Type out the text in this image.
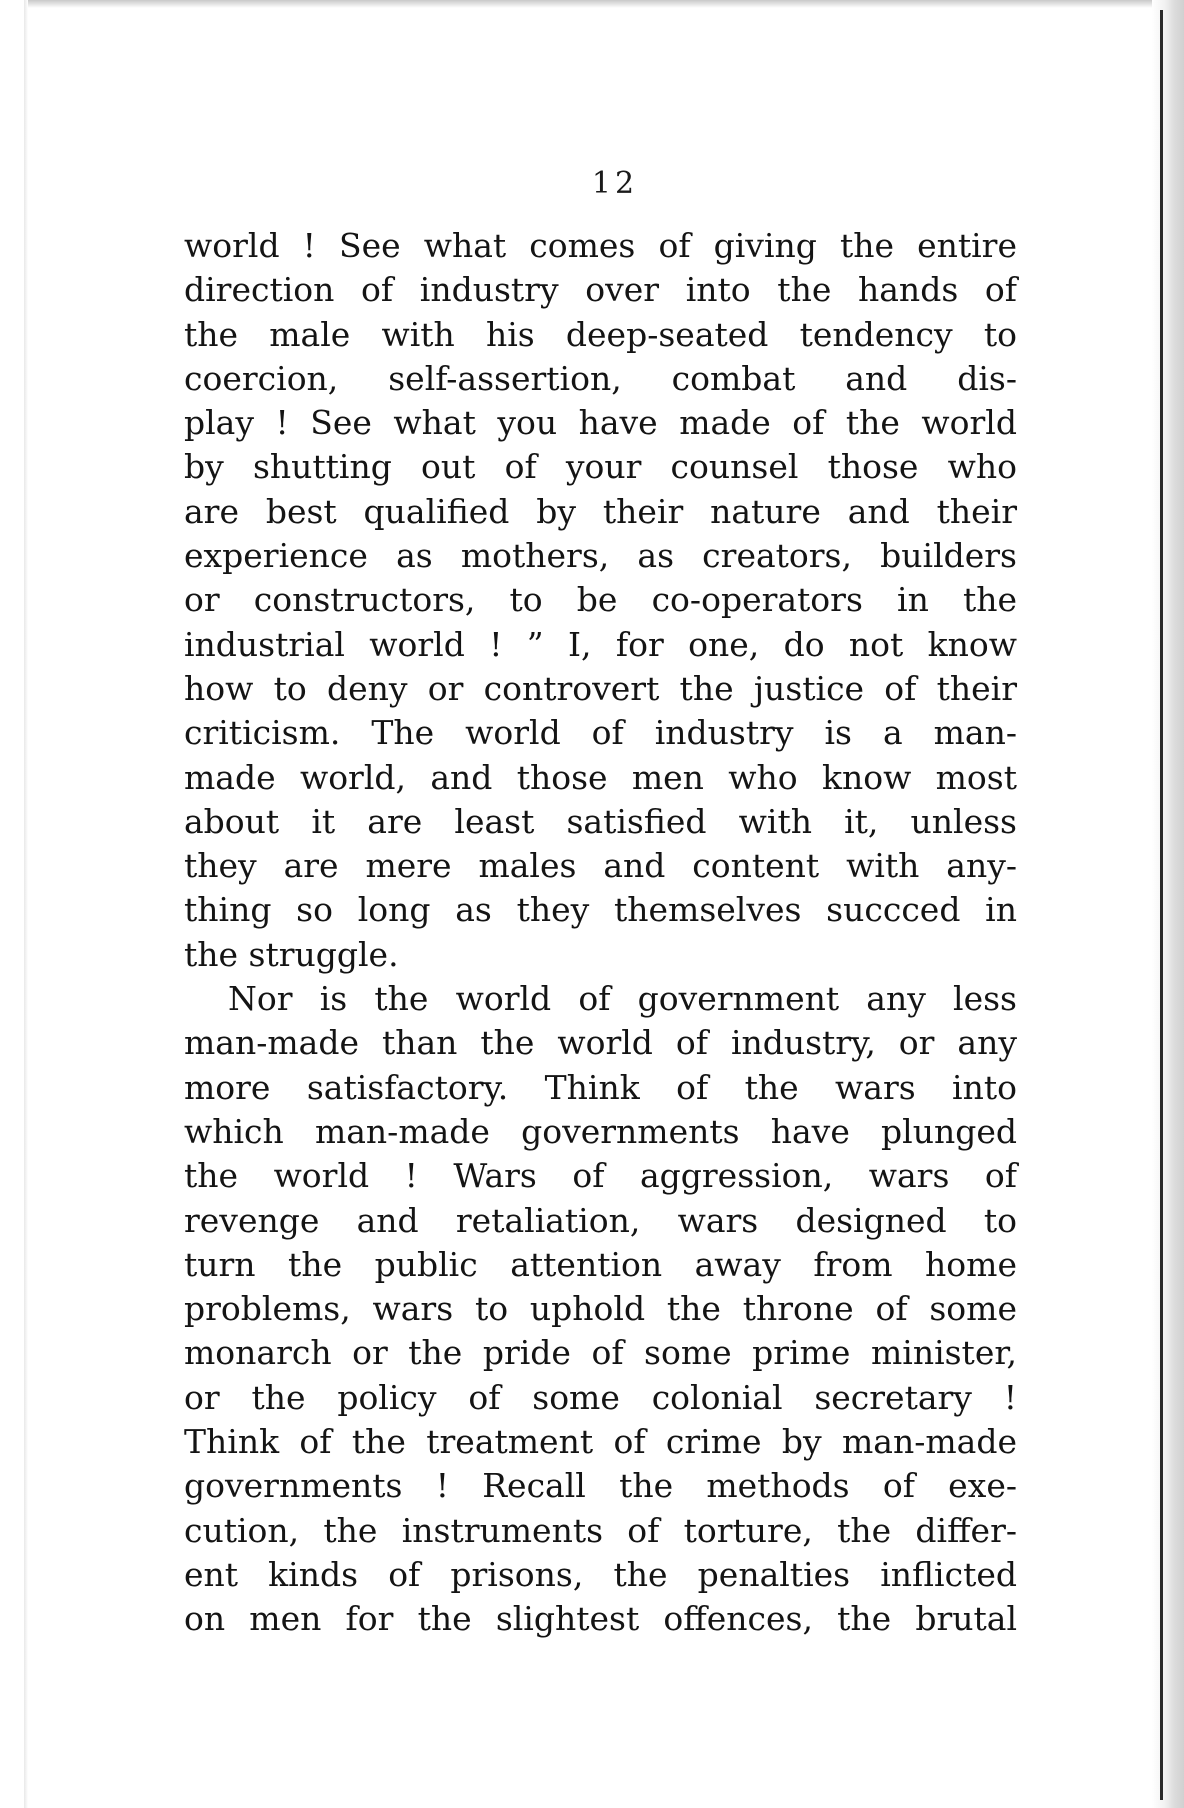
12
world ! See what comes of giving the entire
direction of industry over into the hands of
the male with his deep-seated tendency to
coercion, self-assertion, combat and dis-
play ! See what you have made of the world
by shutting out of your counsel those who
are best qualified by their nature and their
experience as mothers, as creators, builders
or constructors, to be co-operators in the
industrial world ! ” I, for one, do not know
how to deny or controvert the justice of their
criticism. The world of industry is a man-
made world, and those men who know most
about it are least satisfied with it, unless
they are mere males and content with any-
thing so long as they themselves succced in
the struggle.
Nor is the world of government any less
man-made than the world of industry, or any
more satisfactory. Think of the wars into
which man-made governments have plunged
the world ! Wars of aggression, wars of
revenge and retaliation, wars designed to
turn the public attention away from home
problems, wars to uphold the throne of some
monarch or the pride of some prime minister,
or the policy of some colonial secretary !
Think of the treatment of crime by man-made
governments ! Recall the methods of exe-
cution, the instruments of torture, the differ-
ent kinds of prisons, the penalties inflicted
on men for the slightest offences, the brutal
